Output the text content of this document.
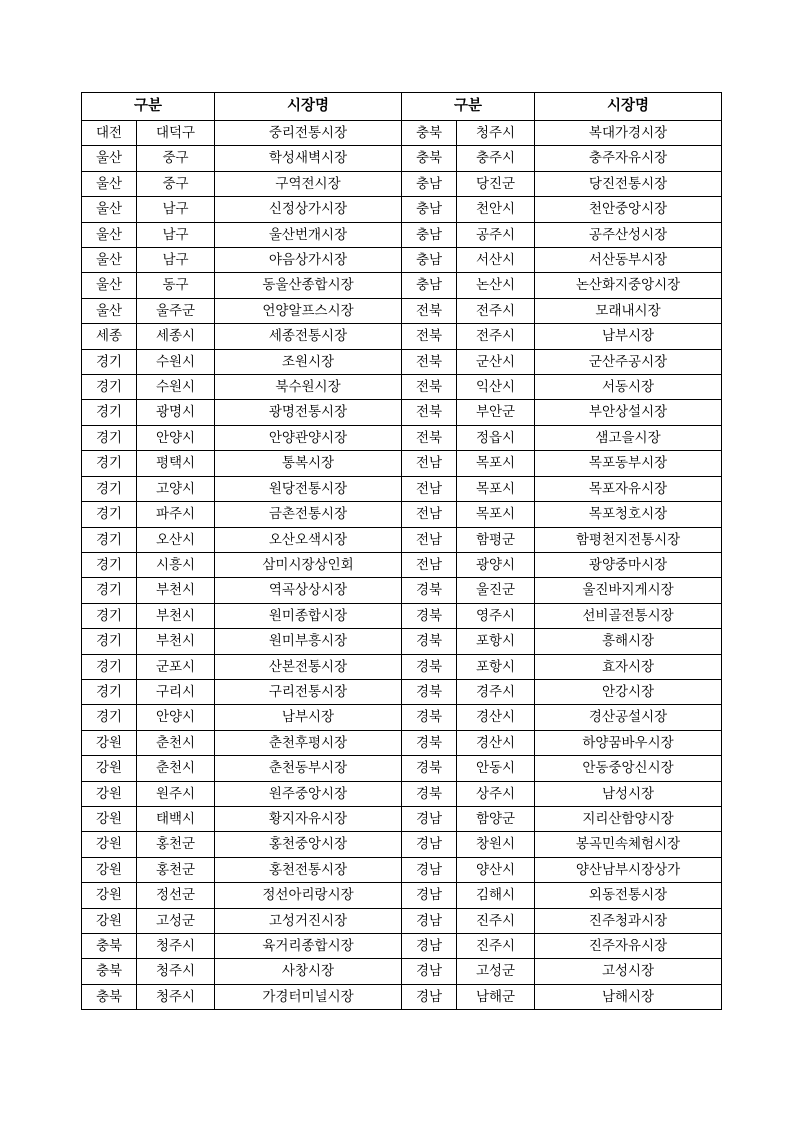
구분		시장명	구분		시장명
대전	대덕구	중리전통시장	충북	청주시	복대가경시장
울산	중구	학성새벽시장	충북	충주시	충주자유시장
울산	중구	구역전시장	충남	당진군	당진전통시장
울산	남구	신정상가시장	충남	천안시	천안중앙시장
울산	남구	울산번개시장	충남	공주시	공주산성시장
울산	남구	야음상가시장	충남	서산시	서산동부시장
울산	동구	동울산종합시장	충남	논산시	논산화지중앙시장
울산	울주군	언양알프스시장	전북	전주시	모래내시장
세종	세종시	세종전통시장	전북	전주시	남부시장
경기	수원시	조원시장	전북	군산시	군산주공시장
경기	수원시	북수원시장	전북	익산시	서동시장
경기	광명시	광명전통시장	전북	부안군	부안상설시장
경기	안양시	안양관양시장	전북	정읍시	샘고을시장
경기	평택시	통복시장	전남	목포시	목포동부시장
경기	고양시	원당전통시장	전남	목포시	목포자유시장
경기	파주시	금촌전통시장	전남	목포시	목포청호시장
경기	오산시	오산오색시장	전남	함평군	함평천지전통시장
경기	시흥시	삼미시장상인회	전남	광양시	광양중마시장
경기	부천시	역곡상상시장	경북	울진군	울진바지게시장
경기	부천시	원미종합시장	경북	영주시	선비골전통시장
경기	부천시	원미부흥시장	경북	포항시	흥해시장
경기	군포시	산본전통시장	경북	포항시	효자시장
경기	구리시	구리전통시장	경북	경주시	안강시장
경기	안양시	남부시장	경북	경산시	경산공설시장
강원	춘천시	춘천후평시장	경북	경산시	하양꿈바우시장
강원	춘천시	춘천동부시장	경북	안동시	안동중앙신시장
강원	원주시	원주중앙시장	경북	상주시	남성시장
강원	태백시	황지자유시장	경남	함양군	지리산함양시장
강원	홍천군	홍천중앙시장	경남	창원시	봉곡민속체험시장
강원	홍천군	홍천전통시장	경남	양산시	양산남부시장상가
강원	정선군	정선아리랑시장	경남	김해시	외동전통시장
강원	고성군	고성거진시장	경남	진주시	진주청과시장
충북	청주시	육거리종합시장	경남	진주시	진주자유시장
충북	청주시	사창시장	경남	고성군	고성시장
충북	청주시	가경터미널시장	경남	남해군	남해시장
